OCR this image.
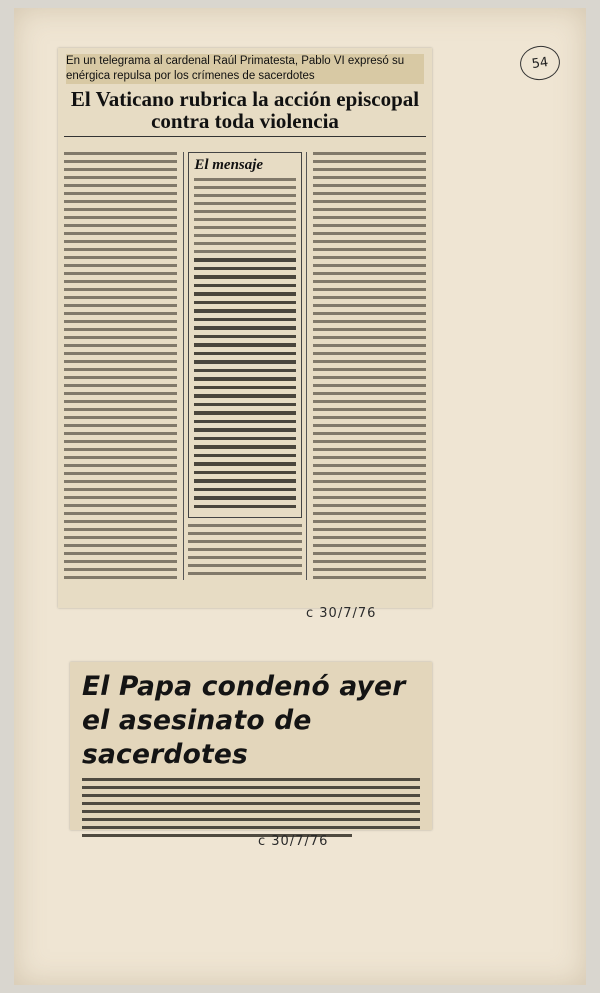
54
En un telegrama al cardenal Raúl Primatesta, Pablo VI expresó su enérgica repulsa por los crímenes de sacerdotes
El Vaticano rubrica la acción episcopal contra toda violencia
El mensaje
c 30/7/76
El Papa condenó ayer el asesinato de sacerdotes
c 30/7/76
